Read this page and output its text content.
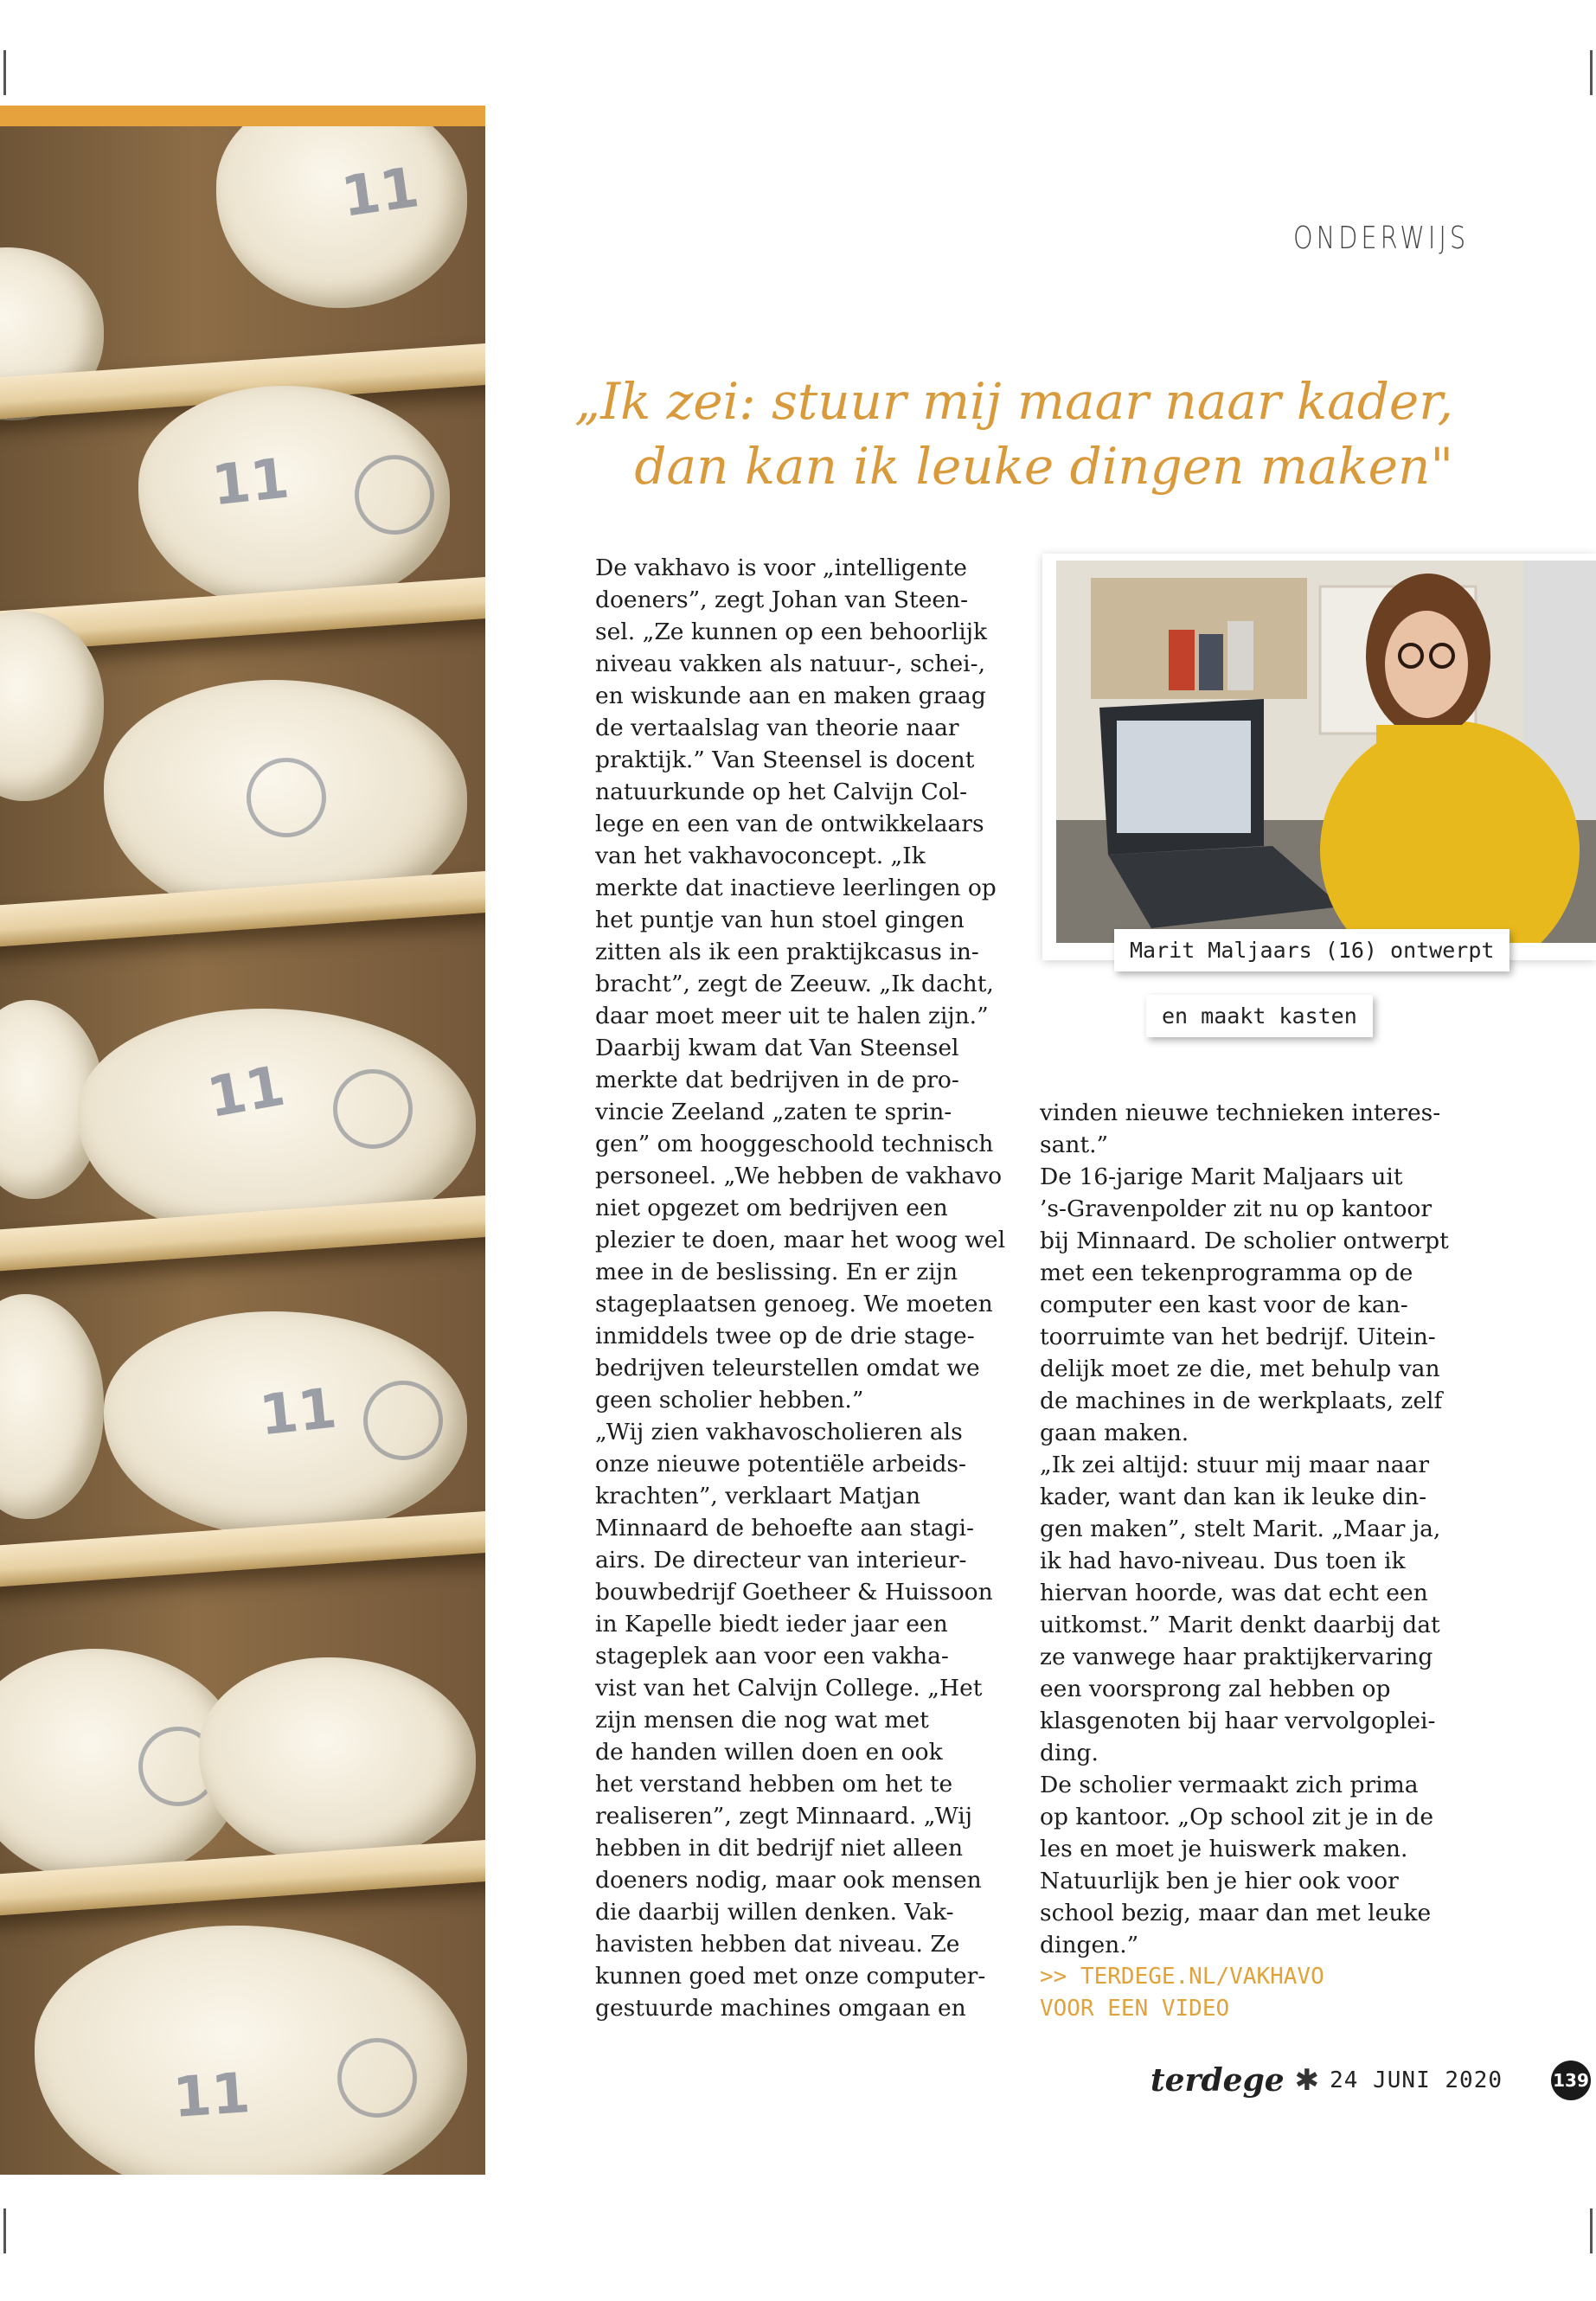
11
11
11
11
11
ONDERWIJS
„Ik zei: stuur mij maar naar kader,
dan kan ik leuke dingen maken"
De vakhavo is voor „intelligente
doeners”, zegt Johan van Steen-
sel. „Ze kunnen op een behoorlijk
niveau vakken als natuur-, schei-,
en wiskunde aan en maken graag
de vertaalslag van theorie naar
praktijk.” Van Steensel is docent
natuurkunde op het Calvijn Col-
lege en een van de ontwikkelaars
van het vakhavoconcept. „Ik
merkte dat inactieve leerlingen op
het puntje van hun stoel gingen
zitten als ik een praktijkcasus in-
bracht”, zegt de Zeeuw. „Ik dacht,
daar moet meer uit te halen zijn.”
Daarbij kwam dat Van Steensel
merkte dat bedrijven in de pro-
vincie Zeeland „zaten te sprin-
gen” om hooggeschoold technisch
personeel. „We hebben de vakhavo
niet opgezet om bedrijven een
plezier te doen, maar het woog wel
mee in de beslissing. En er zijn
stageplaatsen genoeg. We moeten
inmiddels twee op de drie stage-
bedrijven teleurstellen omdat we
geen scholier hebben.”
„Wij zien vakhavoscholieren als
onze nieuwe potentiële arbeids-
krachten”, verklaart Matjan
Minnaard de behoefte aan stagi-
airs. De directeur van interieur-
bouwbedrijf Goetheer & Huissoon
in Kapelle biedt ieder jaar een
stageplek aan voor een vakha-
vist van het Calvijn College. „Het
zijn mensen die nog wat met
de handen willen doen en ook
het verstand hebben om het te
realiseren”, zegt Minnaard. „Wij
hebben in dit bedrijf niet alleen
doeners nodig, maar ook mensen
die daarbij willen denken. Vak-
havisten hebben dat niveau. Ze
kunnen goed met onze computer-
gestuurde machines omgaan en
Marit Maljaars (16) ontwerpt
en maakt kasten
vinden nieuwe technieken interes-
sant.”
De 16-jarige Marit Maljaars uit
’s-Gravenpolder zit nu op kantoor
bij Minnaard. De scholier ontwerpt
met een tekenprogramma op de
computer een kast voor de kan-
toorruimte van het bedrijf. Uitein-
delijk moet ze die, met behulp van
de machines in de werkplaats, zelf
gaan maken.
„Ik zei altijd: stuur mij maar naar
kader, want dan kan ik leuke din-
gen maken”, stelt Marit. „Maar ja,
ik had havo-niveau. Dus toen ik
hiervan hoorde, was dat echt een
uitkomst.” Marit denkt daarbij dat
ze vanwege haar praktijkervaring
een voorsprong zal hebben op
klasgenoten bij haar vervolgoplei-
ding.
De scholier vermaakt zich prima
op kantoor. „Op school zit je in de
les en moet je huiswerk maken.
Natuurlijk ben je hier ook voor
school bezig, maar dan met leuke
dingen.”
>> TERDEGE.NL/VAKHAVO
VOOR EEN VIDEO
terdege ✱ 24 JUNI 2020	139
